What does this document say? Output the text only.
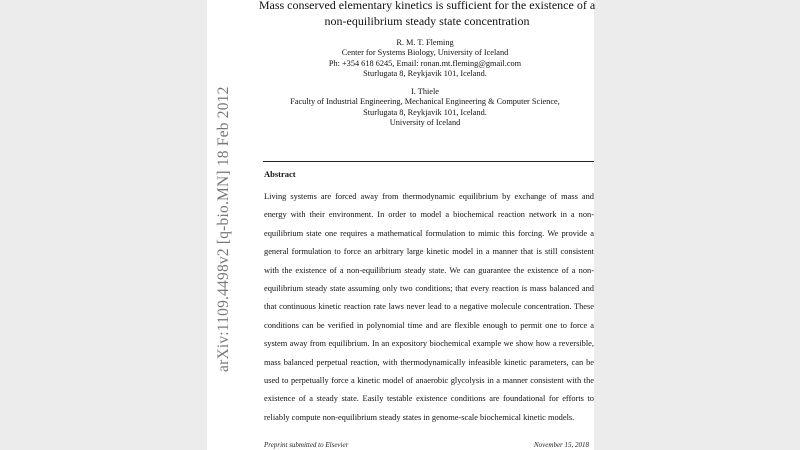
arXiv:1109.4498v2 [q-bio.MN] 18 Feb 2012
Mass conserved elementary kinetics is sufficient for the existence of a
non-equilibrium steady state concentration
R. M. T. Fleming
Center for Systems Biology, University of Iceland
Ph: +354 618 6245, Email: ronan.mt.fleming@gmail.com
Sturlugata 8, Reykjavik 101, Iceland.
I. Thiele
Faculty of Industrial Engineering, Mechanical Engineering & Computer Science,
Sturlugata 8, Reykjavik 101, Iceland.
University of Iceland
Abstract
Living systems are forced away from thermodynamic equilibrium by exchange of mass and energy with their environment. In order to model a biochemical reaction network in a non-equilibrium state one requires a mathematical formulation to mimic this forcing. We provide a general formulation to force an arbitrary large kinetic model in a manner that is still consistent with the existence of a non-equilibrium steady state. We can guarantee the existence of a non-equilibrium steady state assuming only two conditions; that every reaction is mass balanced and that continuous kinetic reaction rate laws never lead to a negative molecule concentration. These conditions can be verified in polynomial time and are flexible enough to permit one to force a system away from equilibrium. In an expository biochemical example we show how a reversible, mass balanced perpetual reaction, with thermodynamically infeasible kinetic parameters, can be used to perpetually force a kinetic model of anaerobic glycolysis in a manner consistent with the existence of a steady state. Easily testable existence conditions are foundational for efforts to reliably compute non-equilibrium steady states in genome-scale biochemical kinetic models.
Preprint submitted to Elsevier	November 15, 2018
